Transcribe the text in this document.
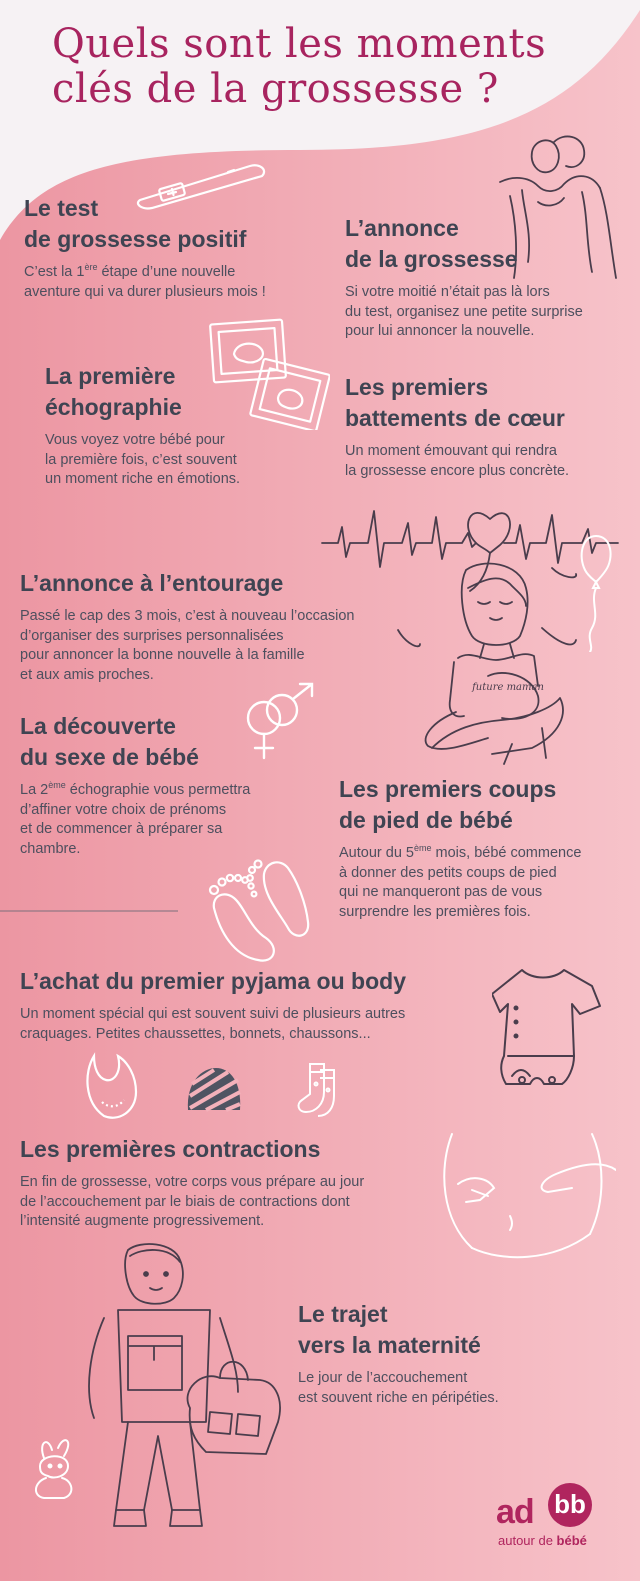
Quels sont les moments
clés de la grossesse ?
future maman
Le test
de grossesse positif

C’est la 1ère étape d’une nouvelle
aventure qui va durer plusieurs mois !

L’annonce
de la grossesse

Si votre moitié n’était pas là lors
du test, organisez une petite surprise
pour lui annoncer la nouvelle.

La première
échographie

Vous voyez votre bébé pour
la première fois, c’est souvent
un moment riche en émotions.

Les premiers
battements de cœur

Un moment émouvant qui rendra
la grossesse encore plus concrète.

L’annonce à l’entourage

Passé le cap des 3 mois, c’est à nouveau l’occasion
d’organiser des surprises personnalisées
pour annoncer la bonne nouvelle à la famille
et aux amis proches.

La découverte
du sexe de bébé

La 2ème échographie vous permettra
d’affiner votre choix de prénoms
et de commencer à préparer sa
chambre.

Les premiers coups
de pied de bébé

Autour du 5ème mois, bébé commence
à donner des petits coups de pied
qui ne manqueront pas de vous
surprendre les premières fois.

L’achat du premier pyjama ou body

Un moment spécial qui est souvent suivi de plusieurs autres
craquages. Petites chaussettes, bonnets, chaussons...

Les premières contractions

En fin de grossesse, votre corps vous prépare au jour
de l’accouchement par le biais de contractions dont
l’intensité augmente progressivement.

Le trajet
vers la maternité

Le jour de l’accouchement
est souvent riche en péripéties.

ad bb
autour de bébé
